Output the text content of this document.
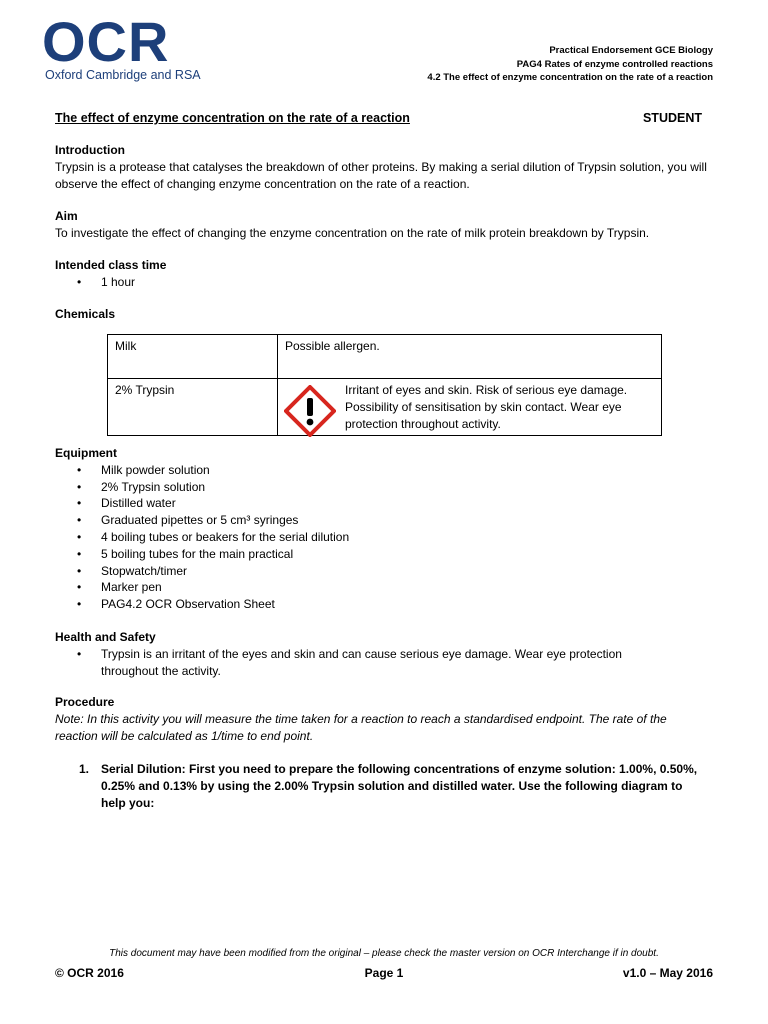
OCR
Oxford Cambridge and RSA
Practical Endorsement GCE Biology
PAG4 Rates of enzyme controlled reactions
4.2 The effect of enzyme concentration on the rate of a reaction
The effect of enzyme concentration on the rate of a reaction	STUDENT
Introduction

Trypsin is a protease that catalyses the breakdown of other proteins. By making a serial dilution of Trypsin solution, you will observe the effect of changing enzyme concentration on the rate of a reaction.

Aim

To investigate the effect of changing the enzyme concentration on the rate of milk protein breakdown by Trypsin.

Intended class time
• 1 hour
Chemicals
Milk	Possible allergen.
2% Trypsin	Irritant of eyes and skin. Risk of serious eye damage. Possibility of sensitisation by skin contact. Wear eye protection throughout activity.
Equipment
• Milk powder solution
• 2% Trypsin solution
• Distilled water
• Graduated pipettes or 5 cm³ syringes
• 4 boiling tubes or beakers for the serial dilution
• 5 boiling tubes for the main practical
• Stopwatch/timer
• Marker pen
• PAG4.2 OCR Observation Sheet
Health and Safety
• Trypsin is an irritant of the eyes and skin and can cause serious eye damage. Wear eye protection throughout the activity.
Procedure

Note: In this activity you will measure the time taken for a reaction to reach a standardised endpoint. The rate of the reaction will be calculated as 1/time to end point.

1. Serial Dilution: First you need to prepare the following concentrations of enzyme solution: 1.00%, 0.50%, 0.25% and 0.13% by using the 2.00% Trypsin solution and distilled water. Use the following diagram to help you:
This document may have been modified from the original – please check the master version on OCR Interchange if in doubt.
© OCR 2016	Page 1	v1.0 – May 2016
